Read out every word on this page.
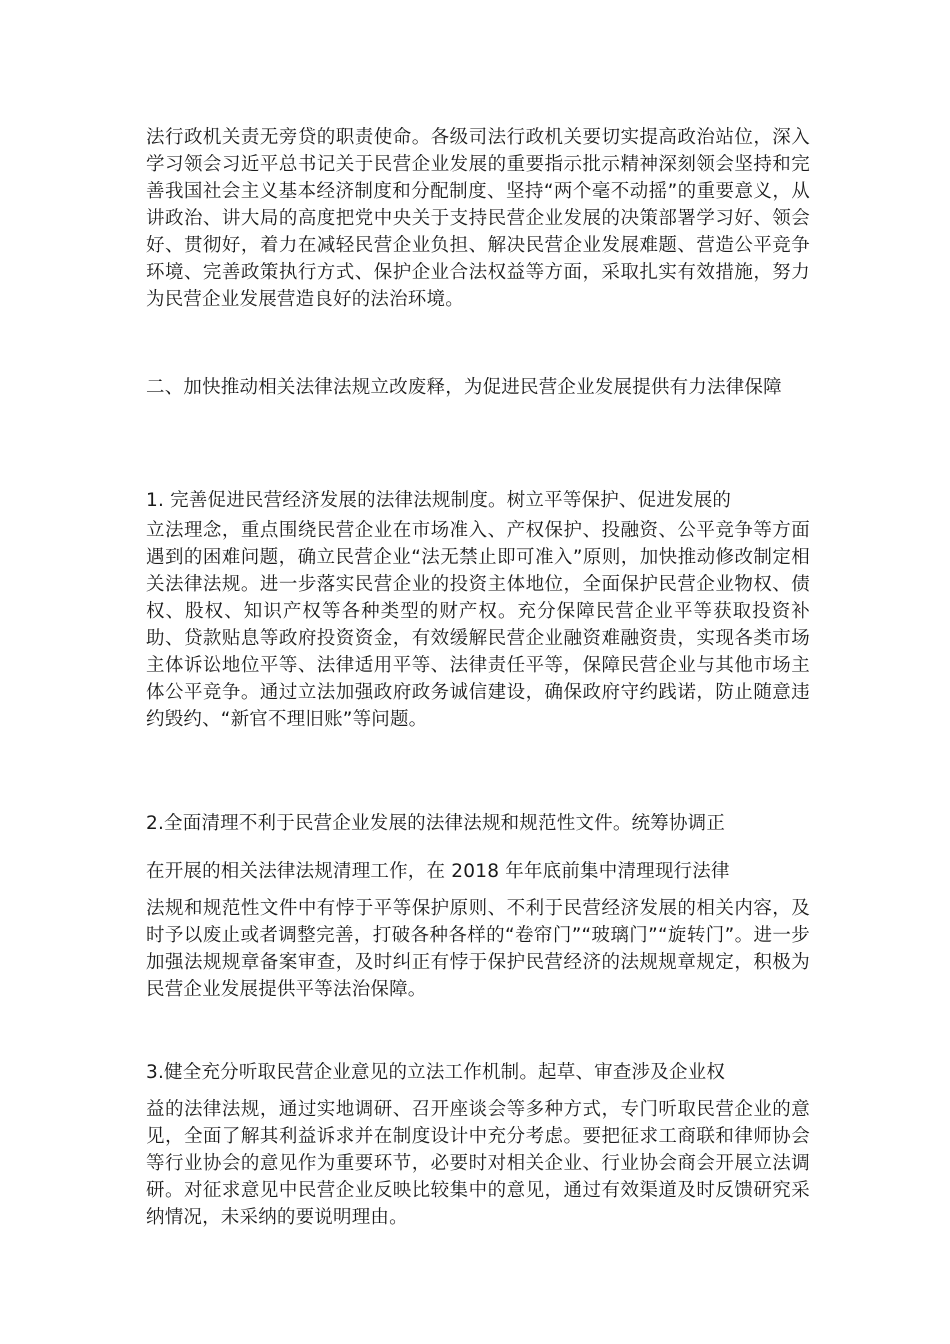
法行政机关责无旁贷的职责使命。各级司法行政机关要切实提高政治站位，深入学习领会习近平总书记关于民营企业发展的重要指示批示精神深刻领会坚持和完善我国社会主义基本经济制度和分配制度、坚持“两个毫不动摇”的重要意义，从讲政治、讲大局的高度把党中央关于支持民营企业发展的决策部署学习好、领会好、贯彻好，着力在减轻民营企业负担、解决民营企业发展难题、营造公平竞争环境、完善政策执行方式、保护企业合法权益等方面，采取扎实有效措施，努力为民营企业发展营造良好的法治环境。

二、加快推动相关法律法规立改废释，为促进民营企业发展提供有力法律保障

1. 完善促进民营经济发展的法律法规制度。树立平等保护、促进发展的

立法理念，重点围绕民营企业在市场准入、产权保护、投融资、公平竞争等方面遇到的困难问题，确立民营企业“法无禁止即可准入”原则，加快推动修改制定相关法律法规。进一步落实民营企业的投资主体地位，全面保护民营企业物权、债权、股权、知识产权等各种类型的财产权。充分保障民营企业平等获取投资补助、贷款贴息等政府投资资金，有效缓解民营企业融资难融资贵，实现各类市场主体诉讼地位平等、法律适用平等、法律责任平等，保障民营企业与其他市场主体公平竞争。通过立法加强政府政务诚信建设，确保政府守约践诺，防止随意违约毁约、“新官不理旧账”等问题。

2.全面清理不利于民营企业发展的法律法规和规范性文件。统筹协调正

在开展的相关法律法规清理工作，在 2018 年年底前集中清理现行法律

法规和规范性文件中有悖于平等保护原则、不利于民营经济发展的相关内容，及时予以废止或者调整完善，打破各种各样的“卷帘门”“玻璃门”“旋转门”。进一步加强法规规章备案审查，及时纠正有悖于保护民营经济的法规规章规定，积极为民营企业发展提供平等法治保障。

3.健全充分听取民营企业意见的立法工作机制。起草、审查涉及企业权

益的法律法规，通过实地调研、召开座谈会等多种方式，专门听取民营企业的意见，全面了解其利益诉求并在制度设计中充分考虑。要把征求工商联和律师协会等行业协会的意见作为重要环节，必要时对相关企业、行业协会商会开展立法调研。对征求意见中民营企业反映比较集中的意见，通过有效渠道及时反馈研究采纳情况，未采纳的要说明理由。
